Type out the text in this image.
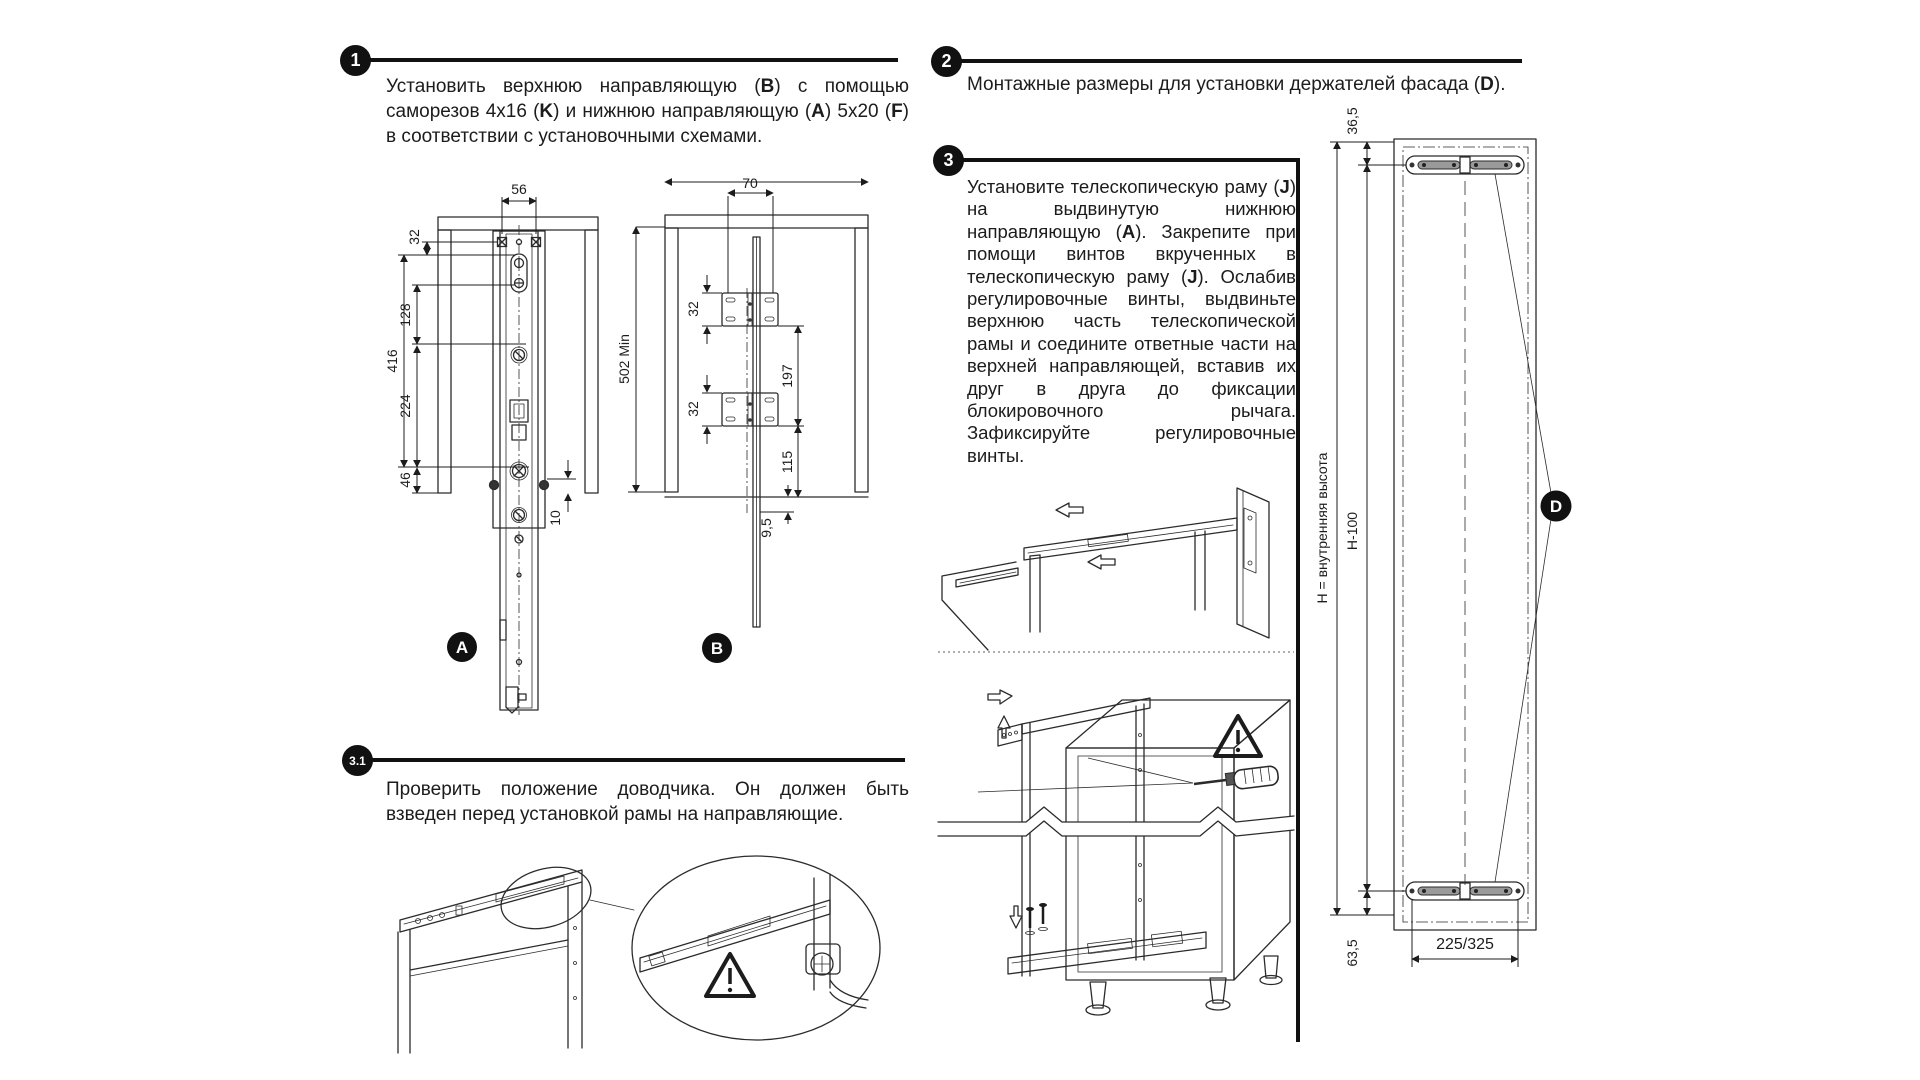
1
Установить верхнюю направляющую (B) с помощью саморезов 4x16 (K) и нижнюю направляющую (A) 5x20 (F) в соответствии с установочными схемами.
2
Монтажные размеры для установки держателей фасада (D).
3
Установите телескопическую раму (J) на выдвинутую нижнюю направляющую (A). Закрепите при помощи винтов вкрученных в телескопическую раму (J). Ослабив регулировочные винты, выдвиньте верхнюю часть телескопической рамы и соедините ответные части на верхней направляющей, вставив их друг в друга до фиксации блокировочного рычага. Зафиксируйте регулировочные винты.
3.1
Проверить положение доводчика. Он должен быть взведен перед установкой рамы на направляющие.
56
32
128
416
224
46
10
A
70
502 Min
32
32
197
115
9,5
B
D
36,5
H = внутренняя высота H-100
63,5	225/325
